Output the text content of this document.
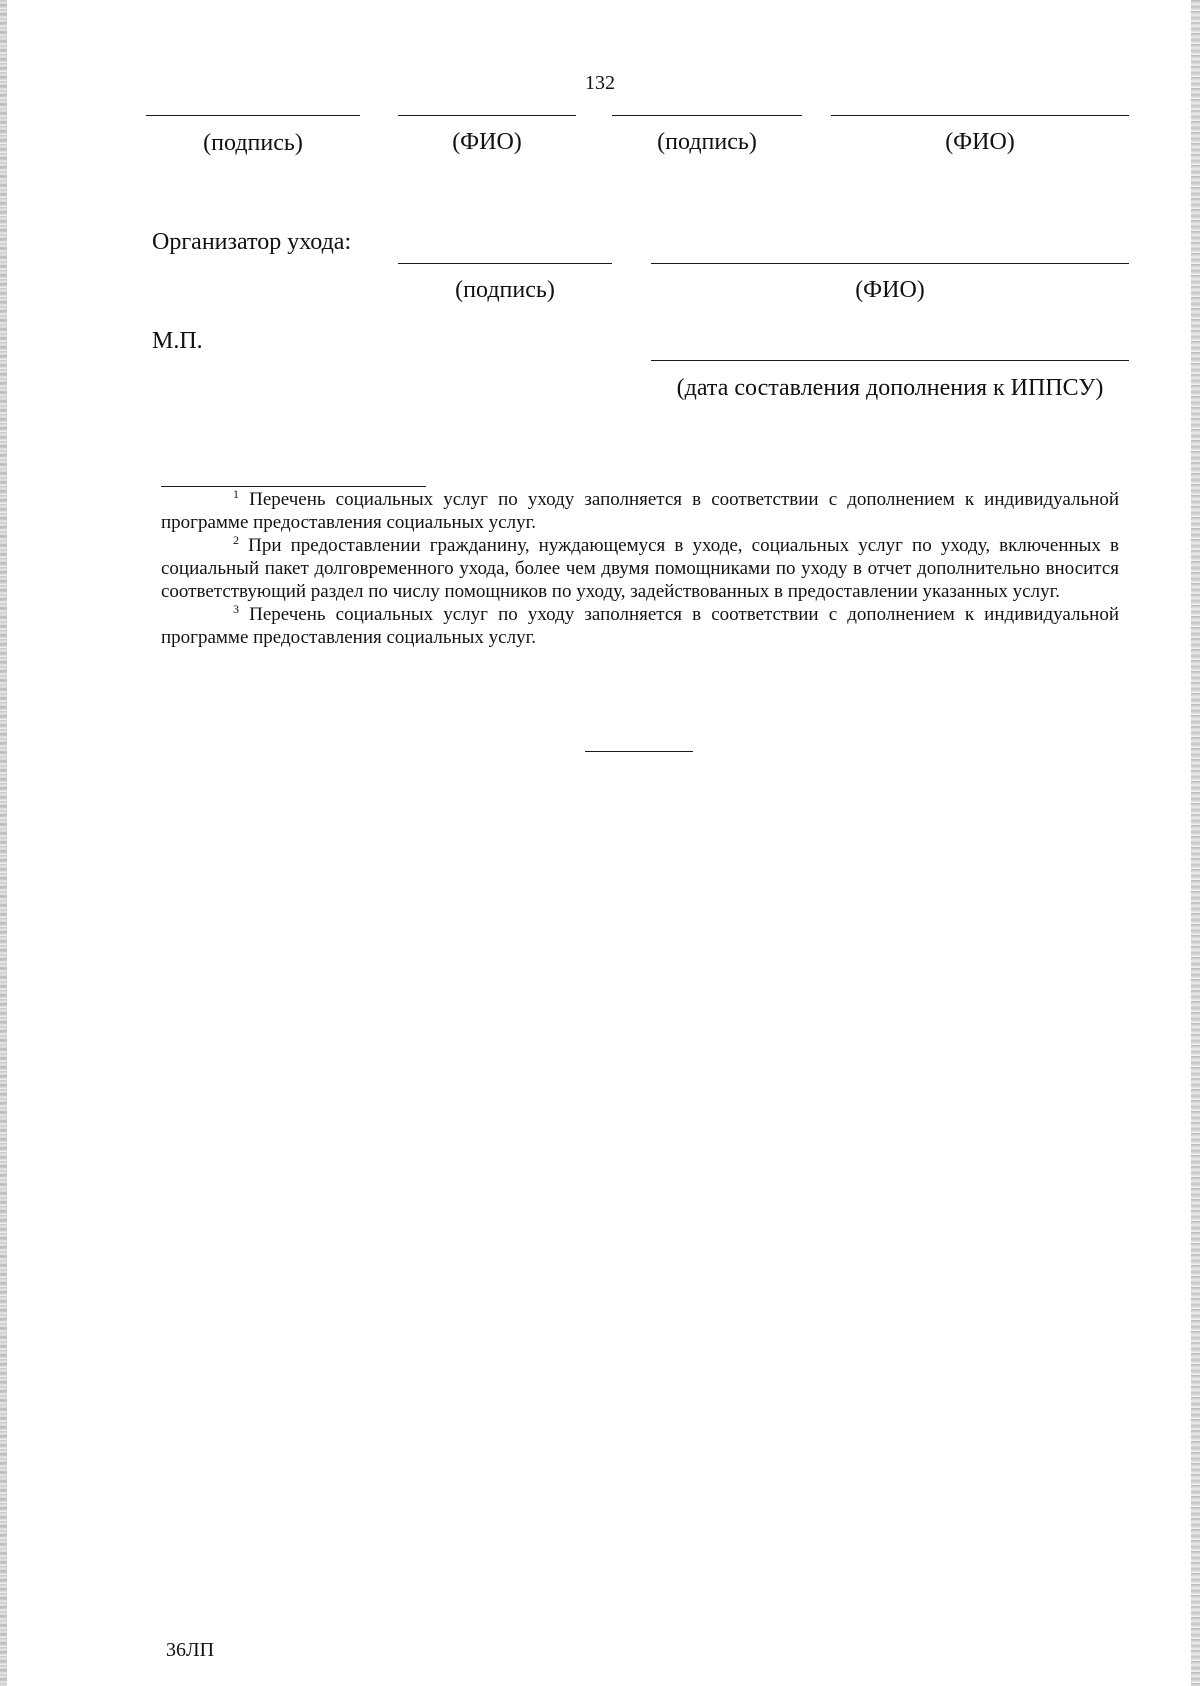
132
(подпись)	(ФИО)	(подпись)	(ФИО)
Организатор ухода:
(подпись)	(ФИО)
М.П.
(дата составления дополнения к ИППСУ)

$^1$ Перечень социальных услуг по уходу заполняется в соответствии с дополнением к индивидуальной программе предоставления социальных услуг.

$^2$ При предоставлении гражданину, нуждающемуся в уходе, социальных услуг по уходу, включенных в социальный пакет долговременного ухода, более чем двумя помощниками по уходу в отчет дополнительно вносится соответствующий раздел по числу помощников по уходу, задействованных в предоставлении указанных услуг.

$^3$ Перечень социальных услуг по уходу заполняется в соответствии с дополнением к индивидуальной программе предоставления социальных услуг.

36ЛП
